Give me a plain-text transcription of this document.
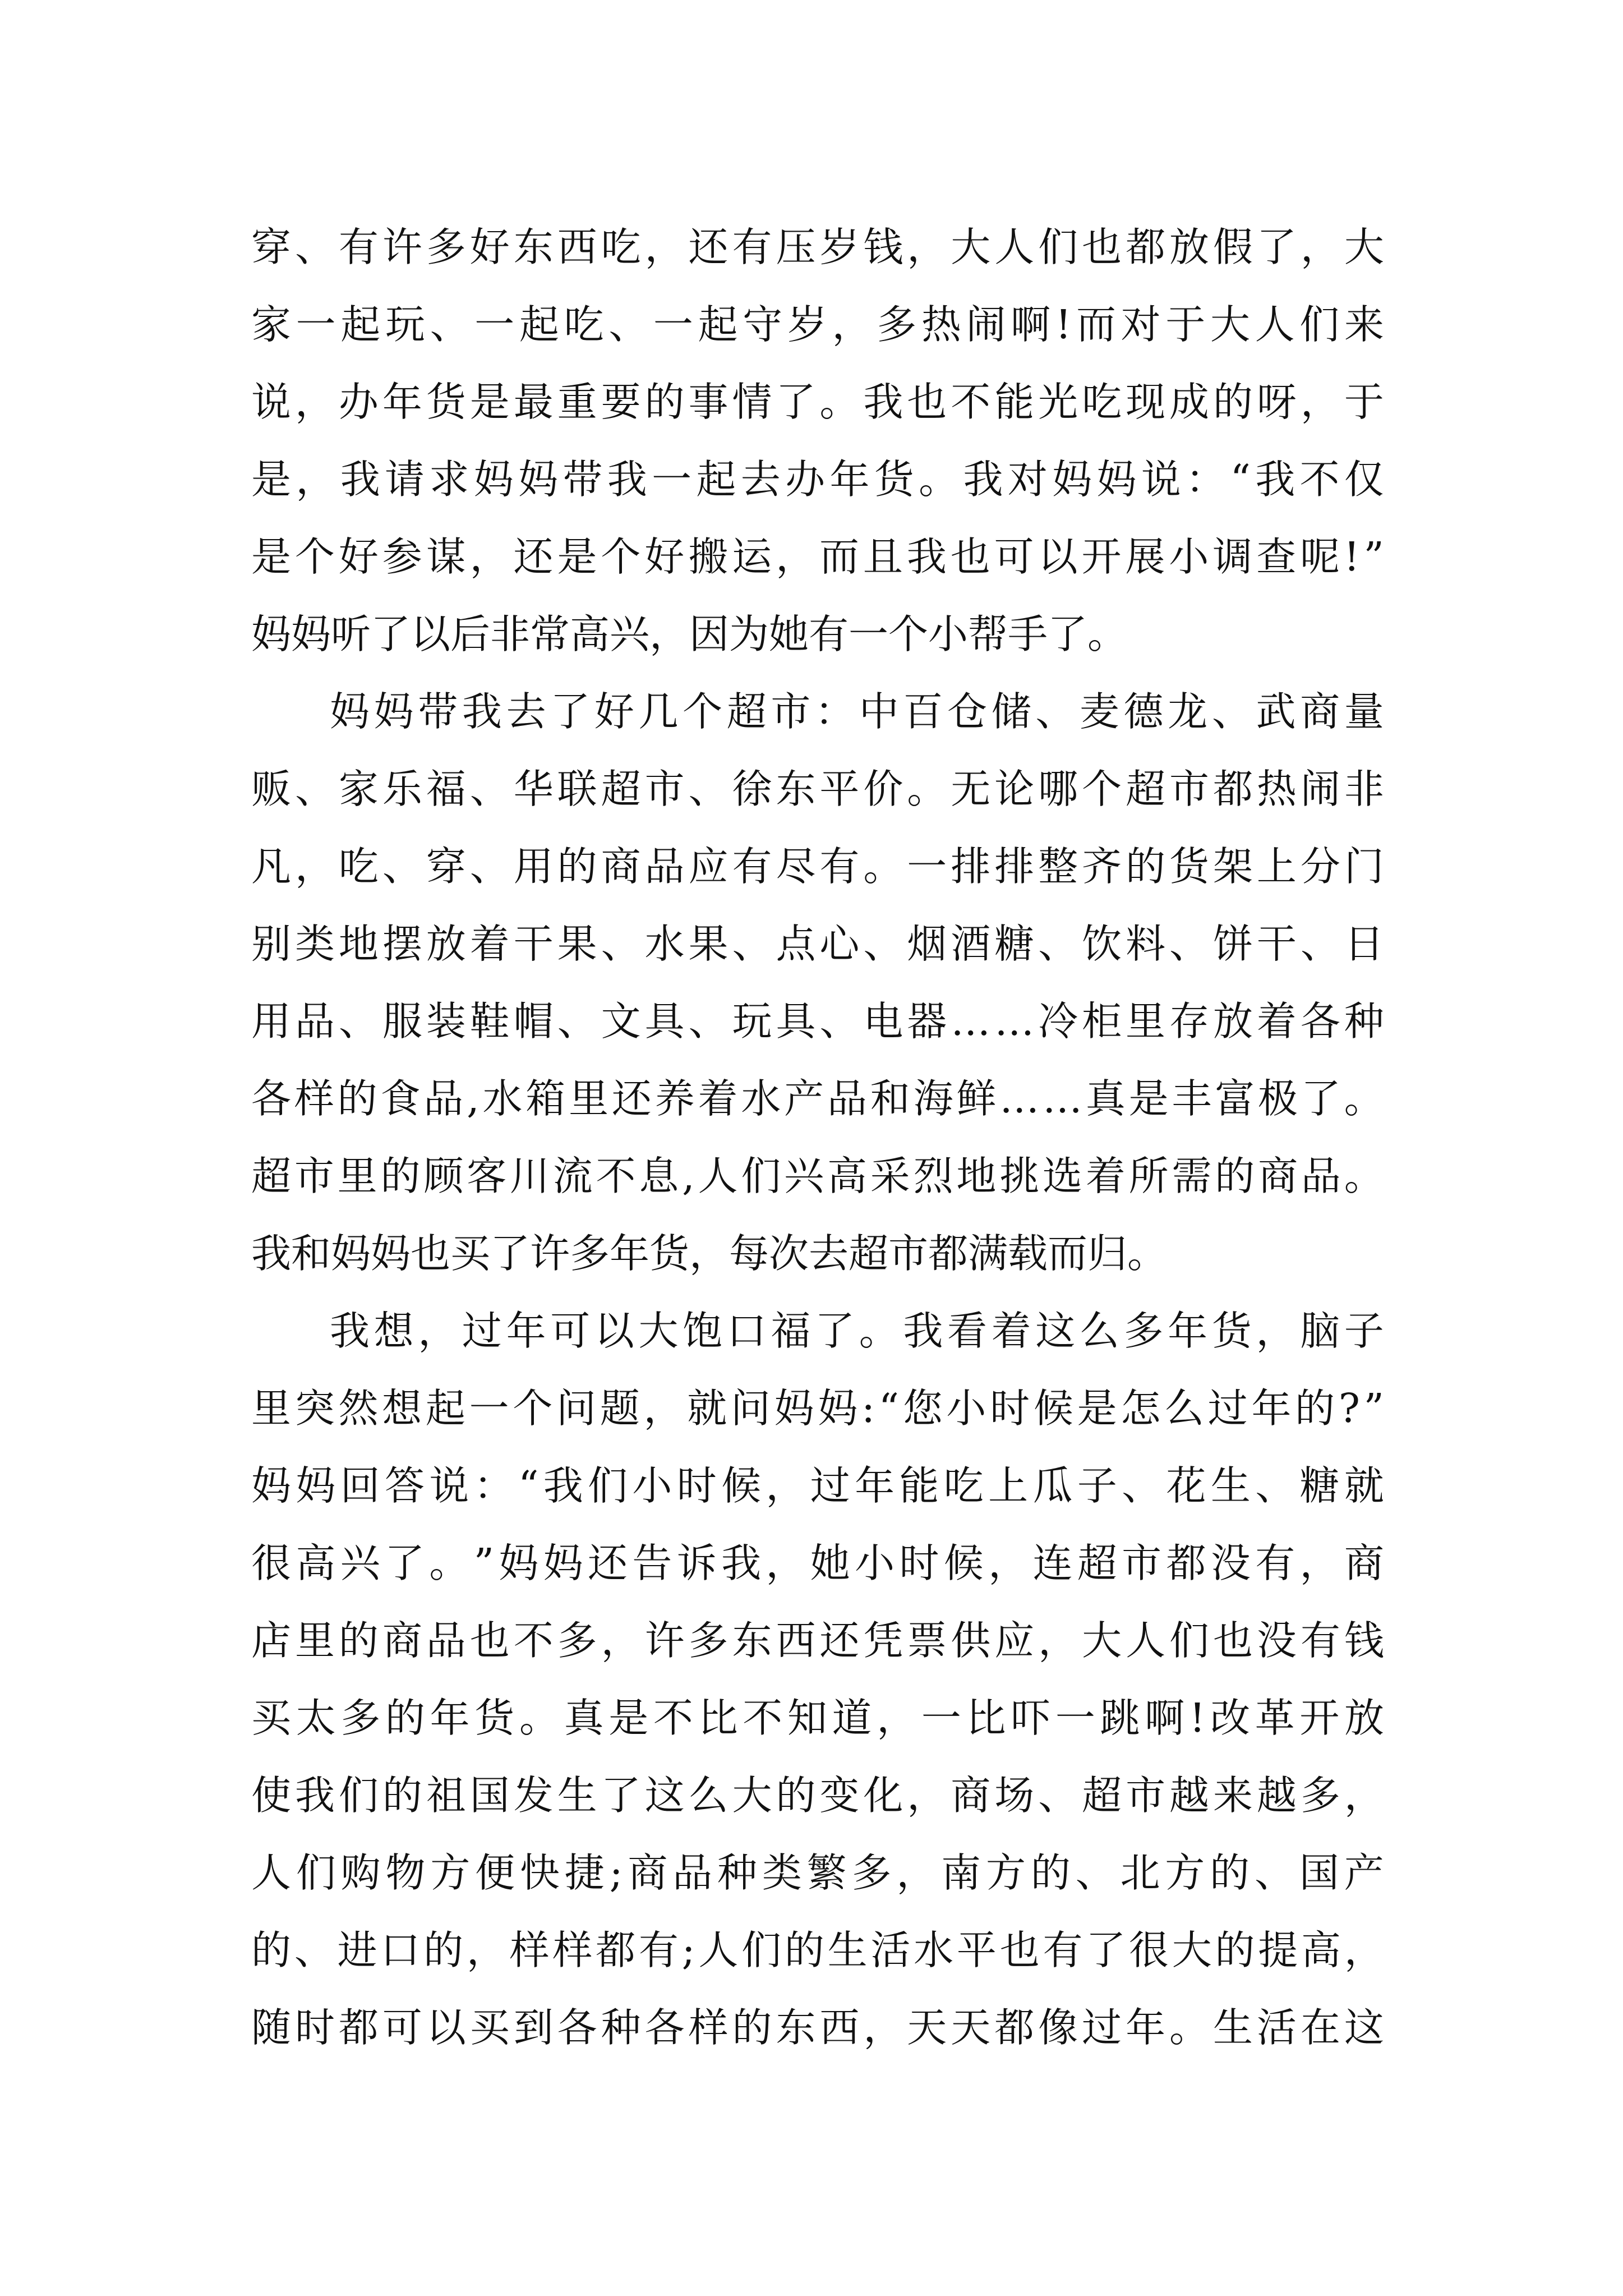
穿 、 有 许 多 好 东 西 吃 ， 还 有 压 岁 钱 ， 大 人 们 也 都 放 假 了 ， 大
家 一 起 玩 、 一 起 吃 、 一 起 守 岁 ， 多 热 闹 啊 ! 而 对 于 大 人 们 来
说 ， 办 年 货 是 最 重 要 的 事 情 了 。 我 也 不 能 光 吃 现 成 的 呀 ， 于
是 ， 我 请 求 妈 妈 带 我 一 起 去 办 年 货 。 我 对 妈 妈 说 ： “ 我 不 仅
是 个 好 参 谋 ， 还 是 个 好 搬 运 ， 而 且 我 也 可 以 开 展 小 调 查 呢 ! ”
妈妈听了以后非常高兴，因为她有一个小帮手了。
妈 妈 带 我 去 了 好 几 个 超 市 ： 中 百 仓 储 、 麦 德 龙 、 武 商 量
贩 、 家 乐 福 、 华 联 超 市 、 徐 东 平 价 。 无 论 哪 个 超 市 都 热 闹 非
凡 ， 吃 、 穿 、 用 的 商 品 应 有 尽 有 。 一 排 排 整 齐 的 货 架 上 分 门
别 类 地 摆 放 着 干 果 、 水 果 、 点 心 、 烟 酒 糖 、 饮 料 、 饼 干 、 日
用 品 、 服 装 鞋 帽 、 文 具 、 玩 具 、 电 器 … … 冷 柜 里 存 放 着 各 种
各 样 的 食 品 , 水 箱 里 还 养 着 水 产 品 和 海 鲜 … … 真 是 丰 富 极 了 。
超 市 里 的 顾 客 川 流 不 息 , 人 们 兴 高 采 烈 地 挑 选 着 所 需 的 商 品 。
我和妈妈也买了许多年货，每次去超市都满载而归。
我 想 ， 过 年 可 以 大 饱 口 福 了 。 我 看 着 这 么 多 年 货 ， 脑 子
里 突 然 想 起 一 个 问 题 ， 就 问 妈 妈 : “ 您 小 时 候 是 怎 么 过 年 的 ? ”
妈 妈 回 答 说 ： “ 我 们 小 时 候 ， 过 年 能 吃 上 瓜 子 、 花 生 、 糖 就
很 高 兴 了 。 ” 妈 妈 还 告 诉 我 ， 她 小 时 候 ， 连 超 市 都 没 有 ， 商
店 里 的 商 品 也 不 多 ， 许 多 东 西 还 凭 票 供 应 ， 大 人 们 也 没 有 钱
买 太 多 的 年 货 。 真 是 不 比 不 知 道 ， 一 比 吓 一 跳 啊 ! 改 革 开 放
使 我 们 的 祖 国 发 生 了 这 么 大 的 变 化 ， 商 场 、 超 市 越 来 越 多 ，
人 们 购 物 方 便 快 捷 ; 商 品 种 类 繁 多 ， 南 方 的 、 北 方 的 、 国 产
的 、 进 口 的 ， 样 样 都 有 ; 人 们 的 生 活 水 平 也 有 了 很 大 的 提 高 ，
随 时 都 可 以 买 到 各 种 各 样 的 东 西 ， 天 天 都 像 过 年 。 生 活 在 这
